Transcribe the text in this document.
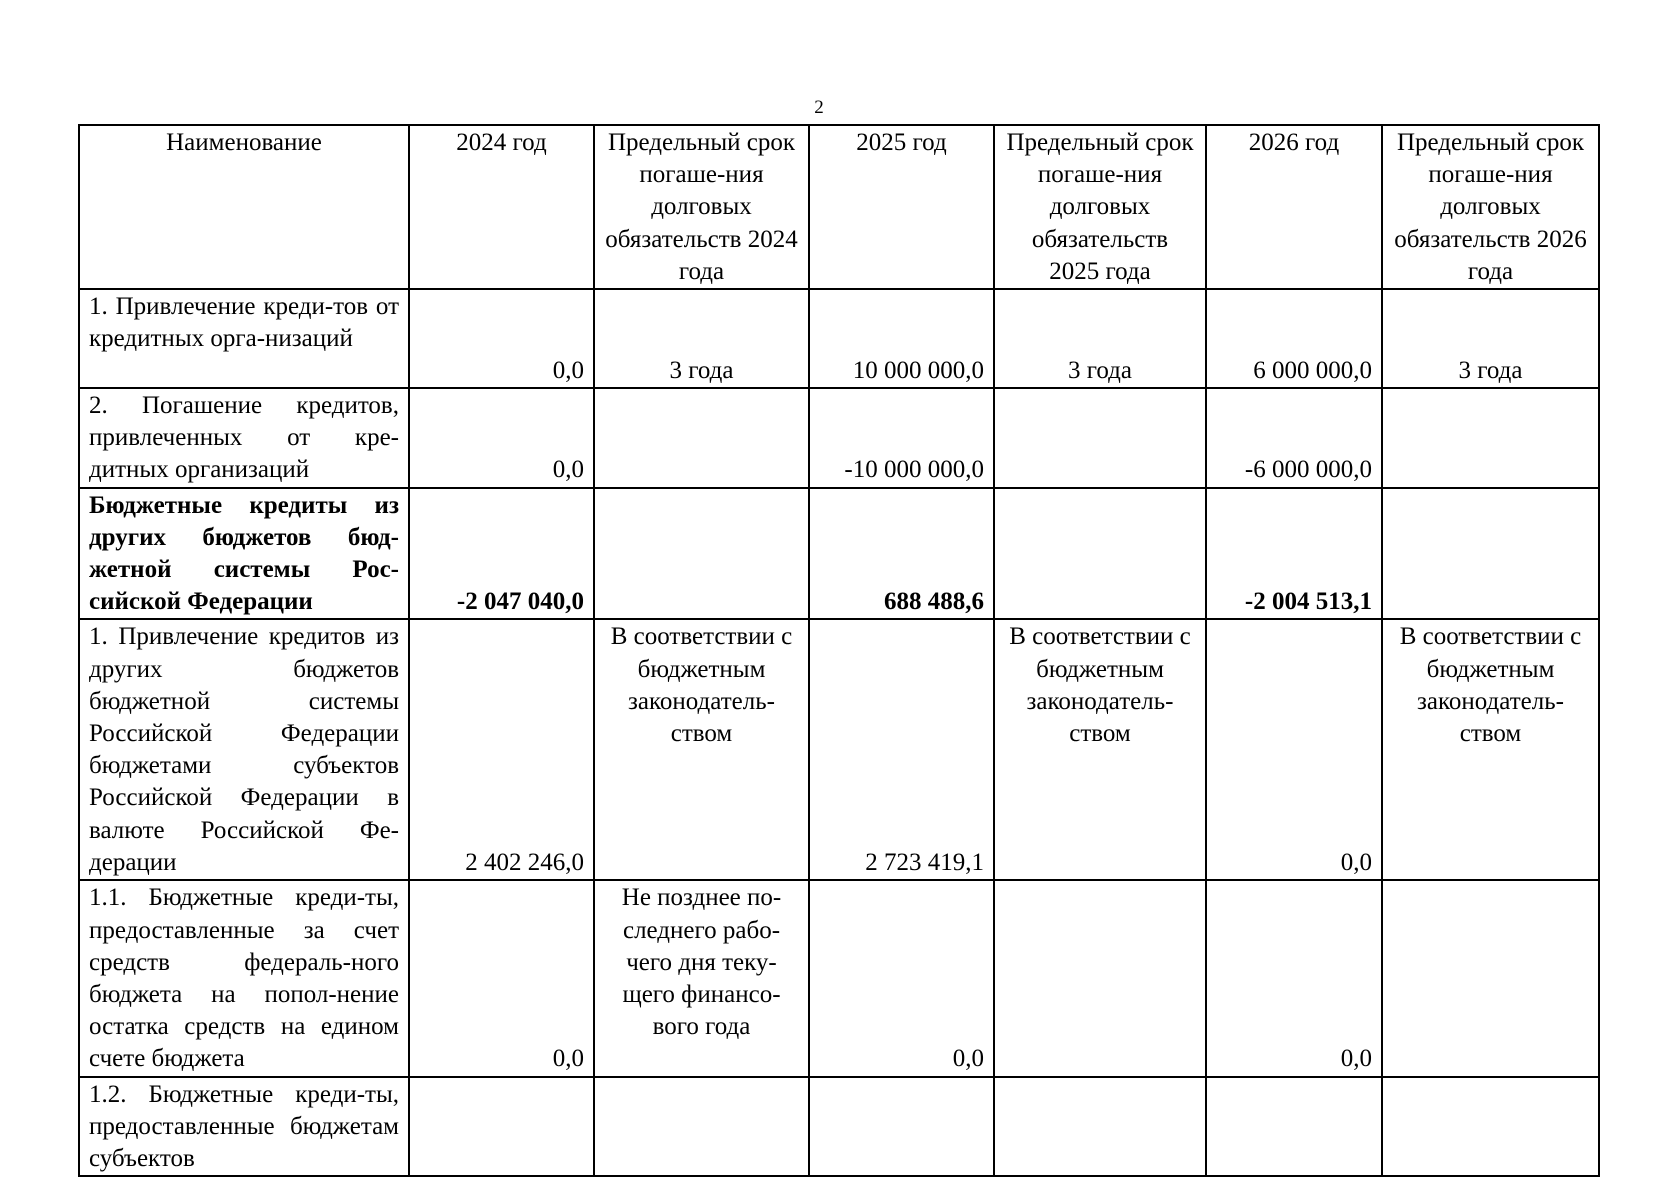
2
Наименование	2024 год	Предельный срок погаше-ния долговых обязательств 2024 года	2025 год	Предельный срок погаше-ния долговых обязательств 2025 года	2026 год	Предельный срок погаше-ния долговых обязательств 2026 года
1. Привлечение креди-тов от кредитных орга-низаций	0,0	3 года	10 000 000,0	3 года	6 000 000,0	3 года
2. Погашение кредитов, привлеченных от кре-дитных организаций	0,0		-10 000 000,0		-6 000 000,0	
Бюджетные кредиты из других бюджетов бюд-жетной системы Рос-сийской Федерации	-2 047 040,0		688 488,6		-2 004 513,1	
1. Привлечение кредитов из других бюджетов бюджетной системы Российской Федерации бюджетами субъектов Российской Федерации в валюте Российской Фе-дерации	2 402 246,0	В соответствии с бюджетным законодатель-ством	2 723 419,1	В соответствии с бюджетным законодатель-ством	0,0	В соответствии с бюджетным законодатель-ством
1.1. Бюджетные креди-ты, предоставленные за счет средств федераль-ного бюджета на попол-нение остатка средств на едином счете бюджета	0,0	Не позднее по-следнего рабо-чего дня теку-щего финансо-вого года	0,0		0,0	
1.2. Бюджетные креди-ты, предоставленные бюджетам субъектов						
